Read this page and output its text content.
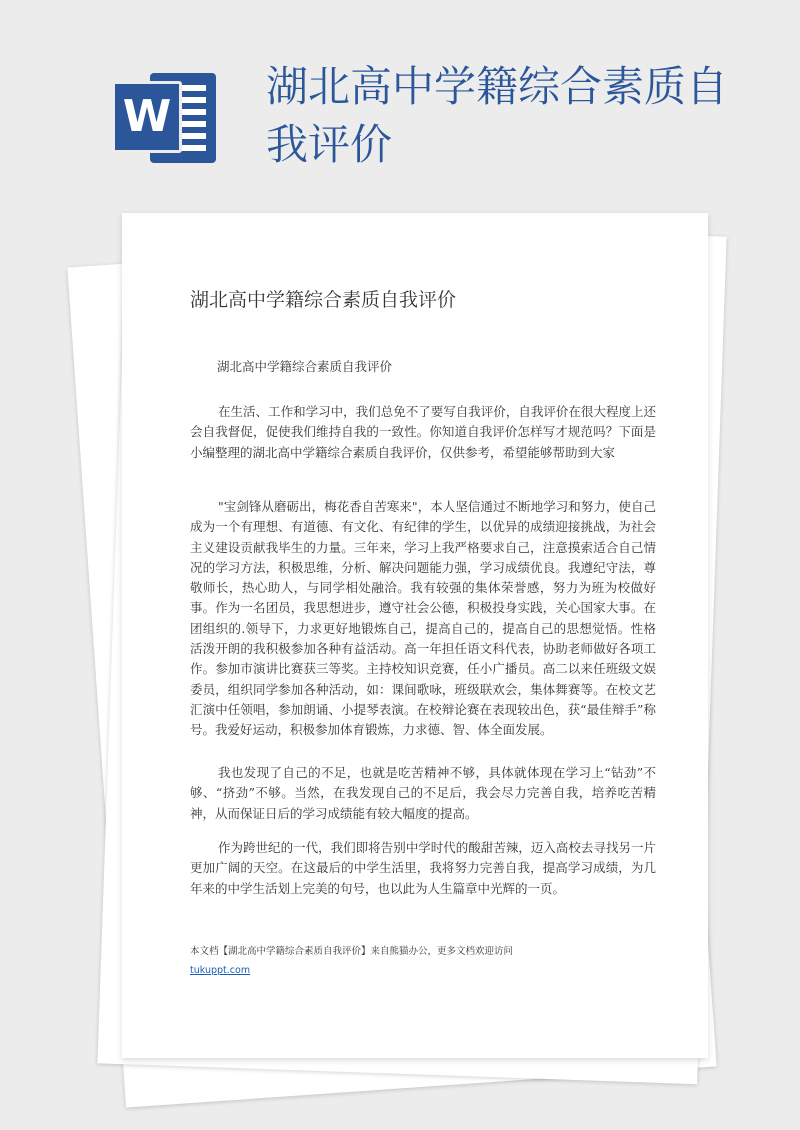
W
湖北高中学籍综合素质自我评价
湖北高中学籍综合素质自我评价
湖北高中学籍综合素质自我评价

在生活、工作和学习中，我们总免不了要写自我评价，自我评价在很大程度上还会自我督促，促使我们维持自我的一致性。你知道自我评价怎样写才规范吗？下面是小编整理的湖北高中学籍综合素质自我评价，仅供参考，希望能够帮助到大家

"宝剑锋从磨砺出，梅花香自苦寒来"，本人坚信通过不断地学习和努力，使自己成为一个有理想、有道德、有文化、有纪律的学生，以优异的成绩迎接挑战，为社会主义建设贡献我毕生的力量。三年来，学习上我严格要求自己，注意摸索适合自己情况的学习方法，积极思维，分析、解决问题能力强，学习成绩优良。我遵纪守法，尊敬师长，热心助人，与同学相处融洽。我有较强的集体荣誉感，努力为班为校做好事。作为一名团员，我思想进步，遵守社会公德，积极投身实践，关心国家大事。在团组织的.领导下，力求更好地锻炼自己，提高自己的，提高自己的思想觉悟。性格活泼开朗的我积极参加各种有益活动。高一年担任语文科代表，协助老师做好各项工作。参加市演讲比赛获三等奖。主持校知识竞赛，任小广播员。高二以来任班级文娱委员，组织同学参加各种活动，如：课间歌咏，班级联欢会，集体舞赛等。在校文艺汇演中任领唱，参加朗诵、小提琴表演。在校辩论赛在表现较出色，获“最佳辩手”称号。我爱好运动，积极参加体育锻炼，力求德、智、体全面发展。

我也发现了自己的不足，也就是吃苦精神不够，具体就体现在学习上“钻劲”不够、“挤劲”不够。当然，在我发现自己的不足后，我会尽力完善自我，培养吃苦精神，从而保证日后的学习成绩能有较大幅度的提高。

作为跨世纪的一代，我们即将告别中学时代的酸甜苦辣，迈入高校去寻找另一片更加广阔的天空。在这最后的中学生活里，我将努力完善自我，提高学习成绩，为几年来的中学生活划上完美的句号，也以此为人生篇章中光辉的一页。

本文档【湖北高中学籍综合素质自我评价】来自熊猫办公，更多文档欢迎访问
tukuppt.com
